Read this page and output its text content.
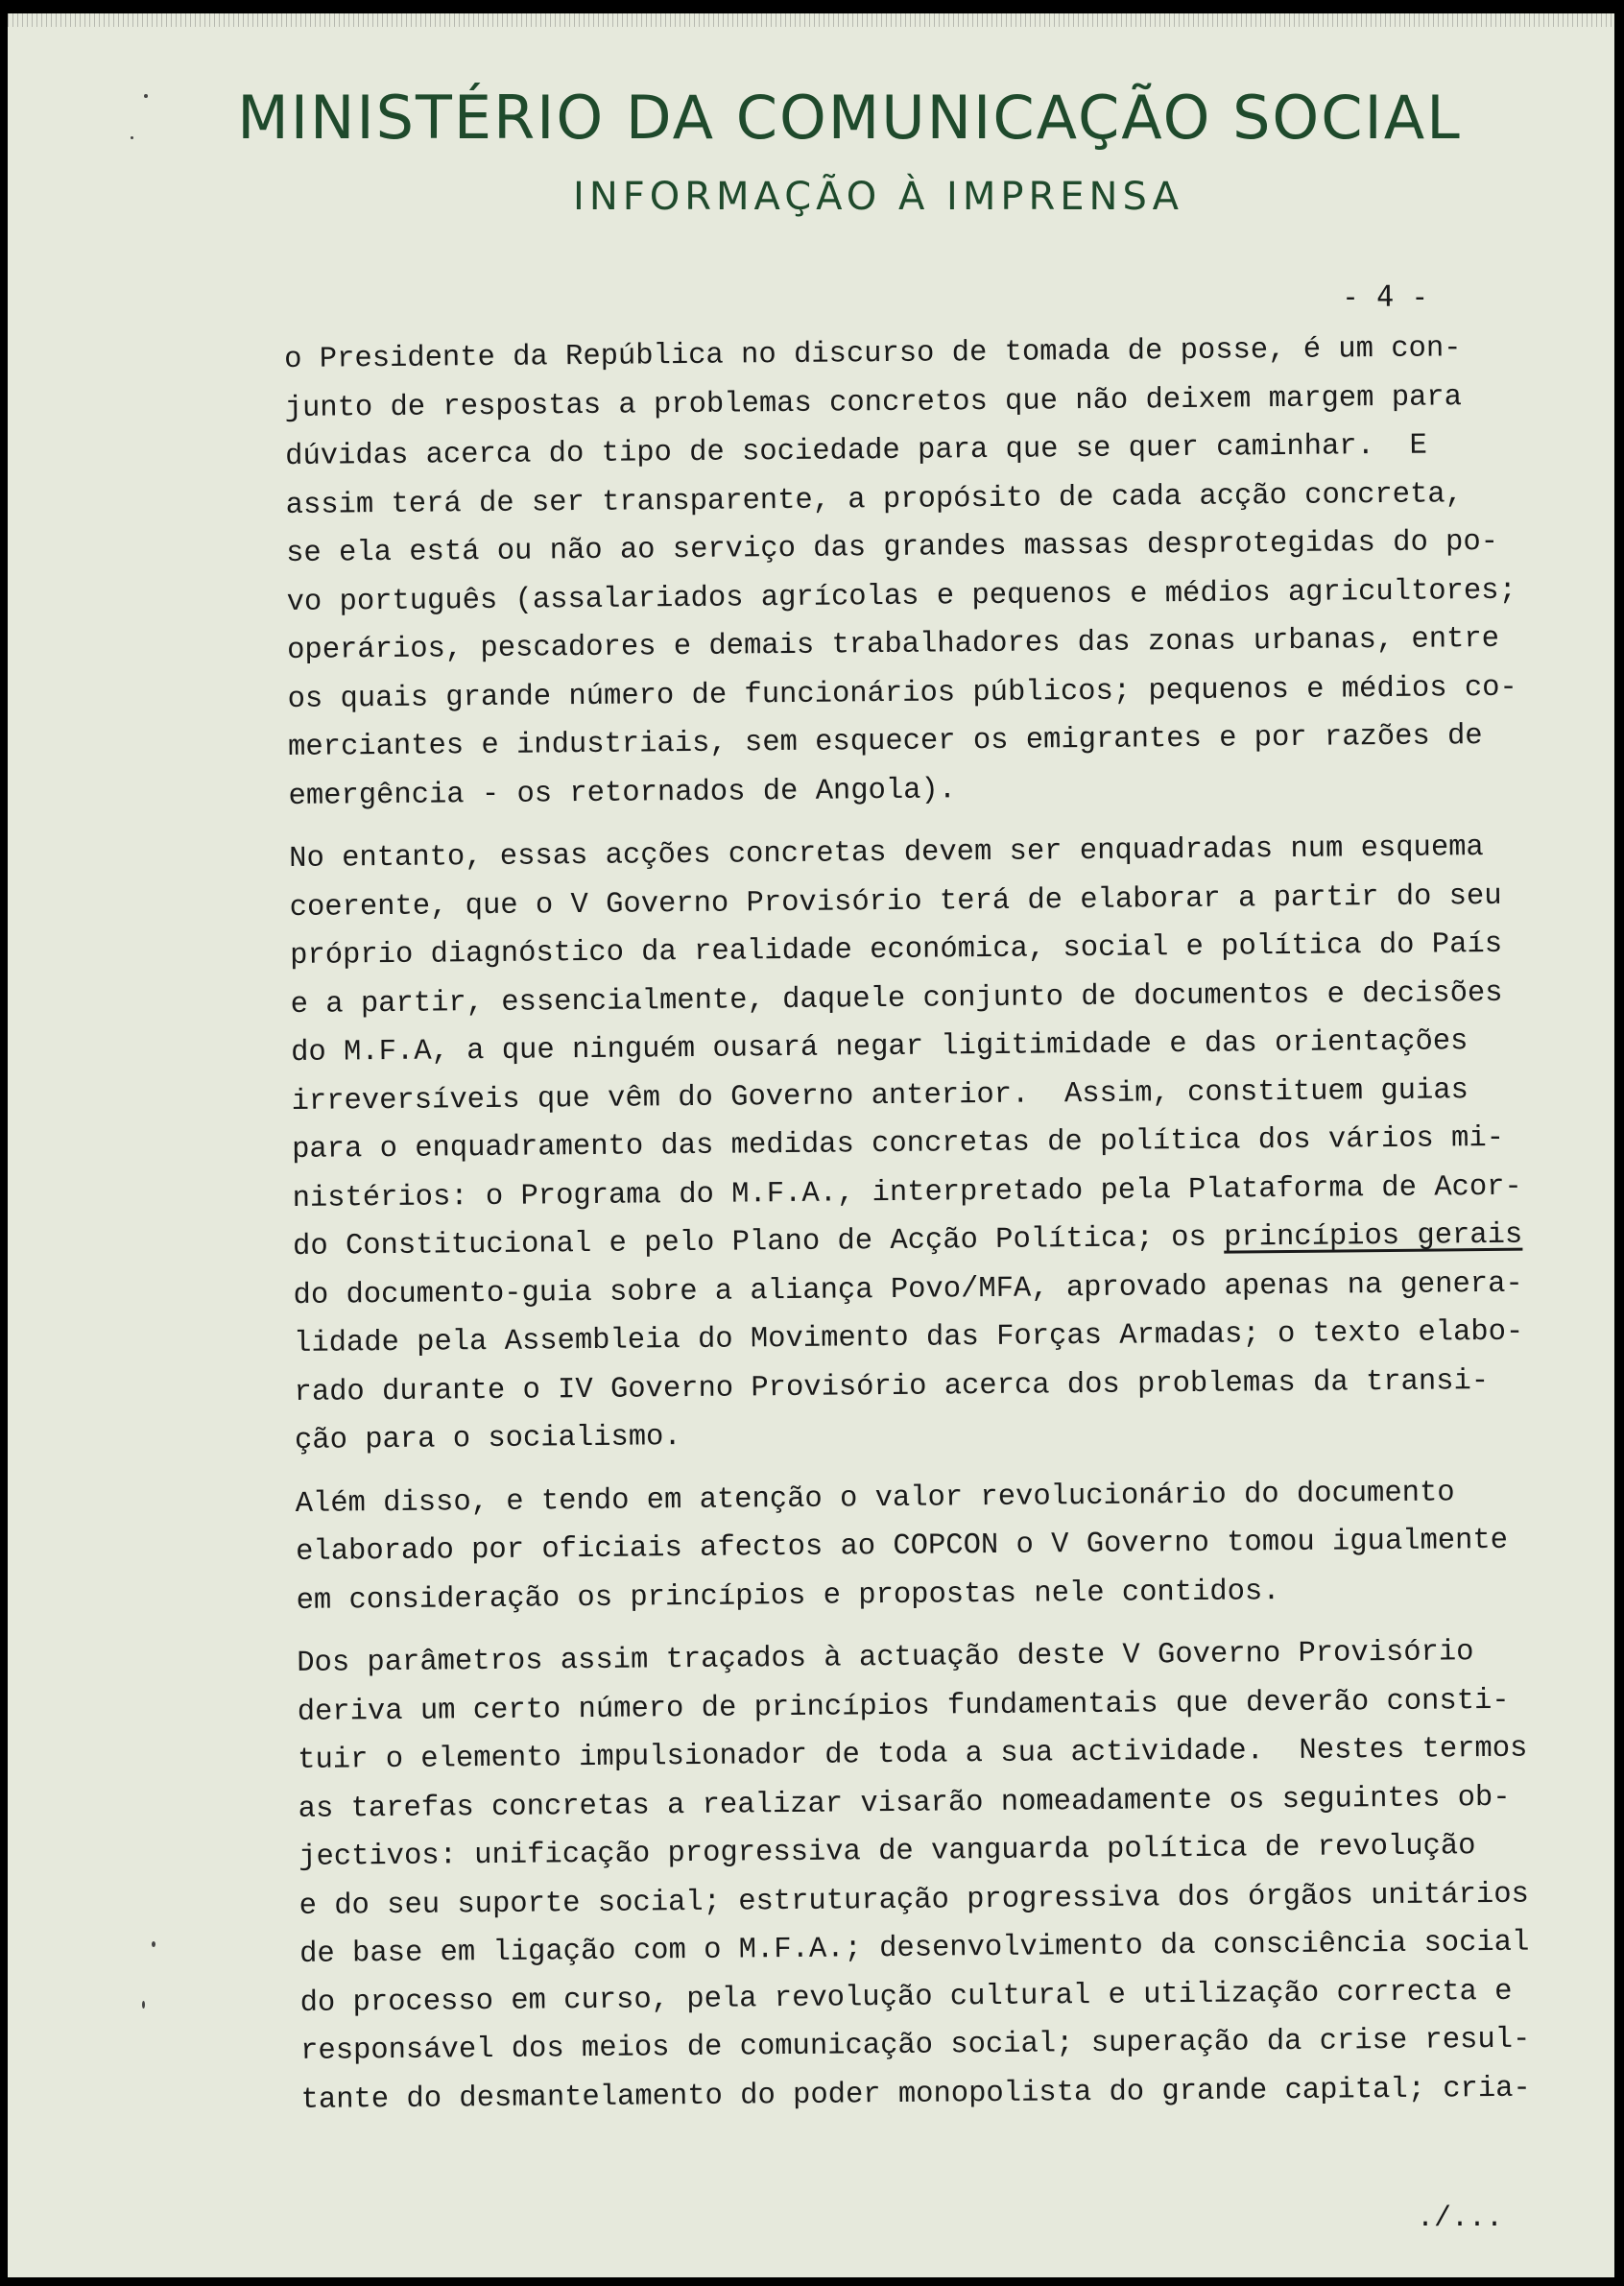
MINISTÉRIO DA COMUNICAÇÃO SOCIAL
INFORMAÇÃO À IMPRENSA
- 4 -
o Presidente da República no discurso de tomada de posse, é um con-
junto de respostas a problemas concretos que não deixem margem para
dúvidas acerca do tipo de sociedade para que se quer caminhar.  E
assim terá de ser transparente, a propósito de cada acção concreta,
se ela está ou não ao serviço das grandes massas desprotegidas do po-
vo português (assalariados agrícolas e pequenos e médios agricultores;
operários, pescadores e demais trabalhadores das zonas urbanas, entre
os quais grande número de funcionários públicos; pequenos e médios co-
merciantes e industriais, sem esquecer os emigrantes e por razões de
emergência - os retornados de Angola).
No entanto, essas acções concretas devem ser enquadradas num esquema
coerente, que o V Governo Provisório terá de elaborar a partir do seu
próprio diagnóstico da realidade económica, social e política do País
e a partir, essencialmente, daquele conjunto de documentos e decisões
do M.F.A, a que ninguém ousará negar ligitimidade e das orientações
irreversíveis que vêm do Governo anterior.  Assim, constituem guias
para o enquadramento das medidas concretas de política dos vários mi-
nistérios: o Programa do M.F.A., interpretado pela Plataforma de Acor-
do Constitucional e pelo Plano de Acção Política; os princípios gerais
do documento-guia sobre a aliança Povo/MFA, aprovado apenas na genera-
lidade pela Assembleia do Movimento das Forças Armadas; o texto elabo-
rado durante o IV Governo Provisório acerca dos problemas da transi-
ção para o socialismo.
Além disso, e tendo em atenção o valor revolucionário do documento
elaborado por oficiais afectos ao COPCON o V Governo tomou igualmente
em consideração os princípios e propostas nele contidos.
Dos parâmetros assim traçados à actuação deste V Governo Provisório
deriva um certo número de princípios fundamentais que deverão consti-
tuir o elemento impulsionador de toda a sua actividade.  Nestes termos
as tarefas concretas a realizar visarão nomeadamente os seguintes ob-
jectivos: unificação progressiva de vanguarda política de revolução
e do seu suporte social; estruturação progressiva dos órgãos unitários
de base em ligação com o M.F.A.; desenvolvimento da consciência social
do processo em curso, pela revolução cultural e utilização correcta e
responsável dos meios de comunicação social; superação da crise resul-
tante do desmantelamento do poder monopolista do grande capital; cria-
./...
